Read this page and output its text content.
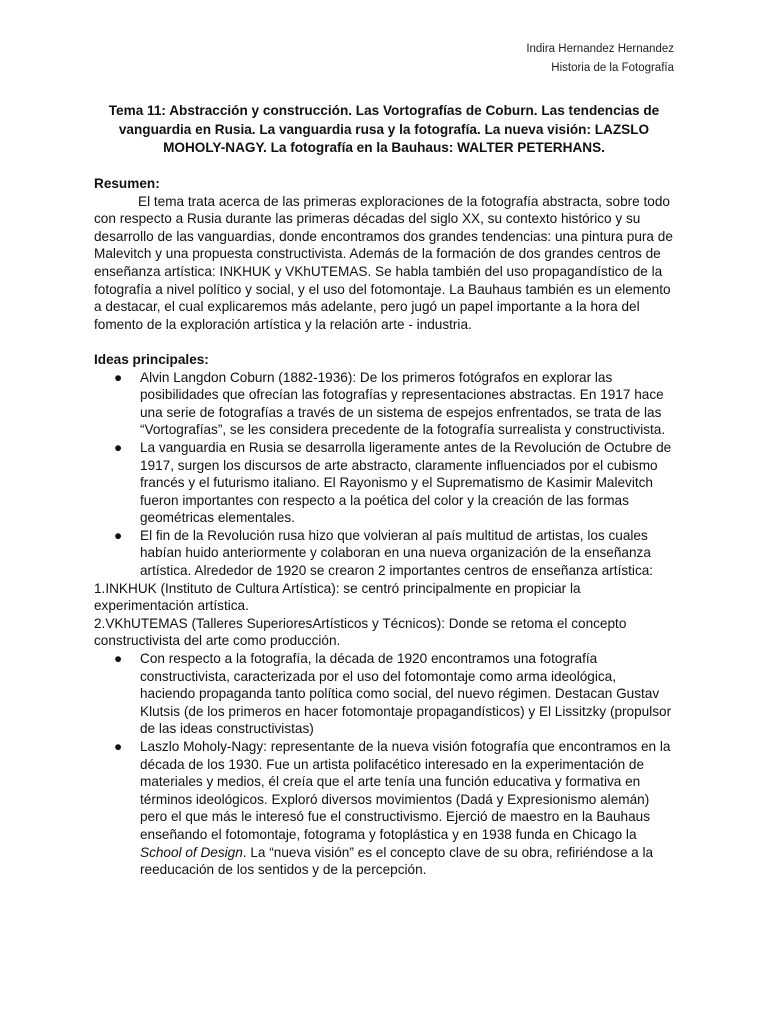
Indira Hernandez Hernandez
Historia de la Fotografía
Tema 11: Abstracción y construcción. Las Vortografías de Coburn. Las tendencias de vanguardia en Rusia. La vanguardia rusa y la fotografía. La nueva visión: LAZSLO MOHOLY-NAGY. La fotografía en la Bauhaus: WALTER PETERHANS.

Resumen:

El tema trata acerca de las primeras exploraciones de la fotografía abstracta, sobre todo con respecto a Rusia durante las primeras décadas del siglo XX, su contexto histórico y su desarrollo de las vanguardias, donde encontramos dos grandes tendencias: una pintura pura de Malevitch y una propuesta constructivista. Además de la formación de dos grandes centros de enseñanza artística: INKHUK y VKhUTEMAS. Se habla también del uso propagandístico de la fotografía a nivel político y social, y el uso del fotomontaje. La Bauhaus también es un elemento a destacar, el cual explicaremos más adelante, pero jugó un papel importante a la hora del fomento de la exploración artística y la relación arte - industria.

Ideas principales:

● Alvin Langdon Coburn (1882-1936): De los primeros fotógrafos en explorar las posibilidades que ofrecían las fotografías y representaciones abstractas. En 1917 hace una serie de fotografías a través de un sistema de espejos enfrentados, se trata de las “Vortografías”, se les considera precedente de la fotografía surrealista y constructivista.
● La vanguardia en Rusia se desarrolla ligeramente antes de la Revolución de Octubre de 1917, surgen los discursos de arte abstracto, claramente influenciados por el cubismo francés y el futurismo italiano. El Rayonismo y el Suprematismo de Kasimir Malevitch fueron importantes con respecto a la poética del color y la creación de las formas geométricas elementales.
● El fin de la Revolución rusa hizo que volvieran al país multitud de artistas, los cuales habían huido anteriormente y colaboran en una nueva organización de la enseñanza artística. Alrededor de 1920 se crearon 2 importantes centros de enseñanza artística:

1.INKHUK (Instituto de Cultura Artística): se centró principalmente en propiciar la experimentación artística.

2.VKhUTEMAS (Talleres SuperioresArtísticos y Técnicos): Donde se retoma el concepto constructivista del arte como producción.

● Con respecto a la fotografía, la década de 1920 encontramos una fotografía constructivista, caracterizada por el uso del fotomontaje como arma ideológica, haciendo propaganda tanto política como social, del nuevo régimen. Destacan Gustav Klutsis (de los primeros en hacer fotomontaje propagandísticos) y El Lissitzky (propulsor de las ideas constructivistas)
● Laszlo Moholy-Nagy: representante de la nueva visión fotografía que encontramos en la década de los 1930. Fue un artista polifacético interesado en la experimentación de materiales y medios, él creía que el arte tenía una función educativa y formativa en términos ideológicos. Exploró diversos movimientos (Dadá y Expresionismo alemán) pero el que más le interesó fue el constructivismo. Ejerció de maestro en la Bauhaus enseñando el fotomontaje, fotograma y fotoplástica y en 1938 funda en Chicago la School of Design. La “nueva visión” es el concepto clave de su obra, refiriéndose a la reeducación de los sentidos y de la percepción.
